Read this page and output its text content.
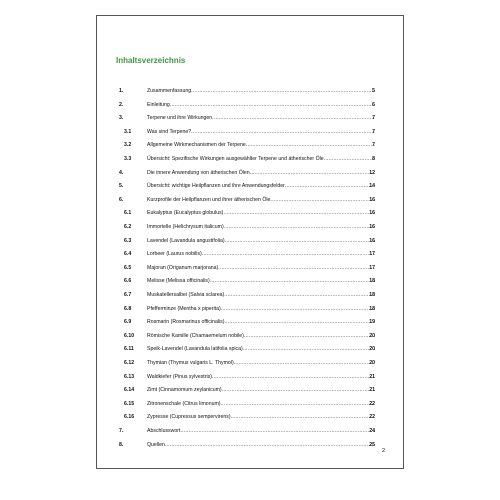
Inhaltsverzeichnis
1.	Zusammenfassung .....	5
2.	Einleitung .....	6
3.	Terpene und ihre Wirkungen .....	7
3.1	Was sind Terpene? .....	7
3.2	Allgemeine Wirkmechanismen der Terpene .....	7
3.3	Übersicht: Spezifische Wirkungen ausgewählter Terpene und ätherischer Öle .....	8
4.	Die innere Anwendung von ätherischen Ölen .....	12
5.	Übersicht: wichtige Heilpflanzen und ihre Anwendungsfelder .....	14
6.	Kurzprofile der Heilpflanzen und ihrer ätherischen Öle .....	16
6.1	Eukalyptus (Eucalyptus globulus) .....	16
6.2	Immortelle (Helichrysum italicum) .....	16
6.3	Lavendel (Lavandula angustifolia) .....	16
6.4	Lorbeer (Laurus nobilis) .....	17
6.5	Majoran (Origanum marjorana) .....	17
6.6	Melisse (Melissa officinalis) .....	18
6.7	Muskatellersalbei (Salvia sclarea) .....	18
6.8	Pfefferminze (Mentha x piperita) .....	18
6.9	Rosmarin (Rosmarinus officinalis) .....	19
6.10 Römische Kamille (Chamaemelum nobile) .....	20
6.11	Speik-Lavendel (Lavandula latifolia spica) .....	20
6.12 Thymian (Thymus vulgaris L. Thymol) .....	20
6.13 Waldkiefer (Pinus sylvestris) .....	21
6.14 Zimt (Cinnamomum zeylanicum) .....	21
6.15 Zitronenschale (Citrus limonum) .....	22
6.16 Zypresse (Cupressus sempervirens) .....	22
7.	Abschlusswort .....	24
8.	Quellen .....	25
2
